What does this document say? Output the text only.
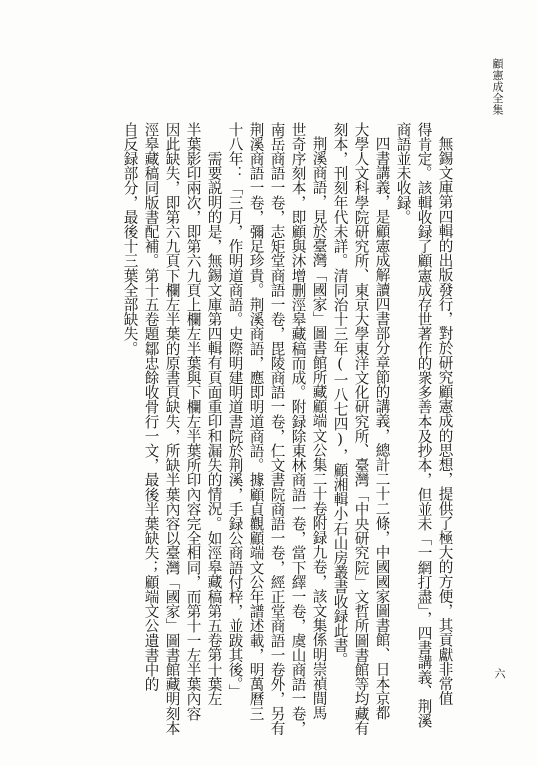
顧憲成全集
六
無錫文庫第四輯的出版發行，對於研究顧憲成的思想，提供了極大的方便，其貢獻非常值
得肯定。該輯收録了顧憲成存世著作的衆多善本及抄本，但並未「一網打盡」，四書講義、荆溪
商語並未收録。
四書講義，是顧憲成解讀四書部分章節的講義，總計二十二條，中國國家圖書館、日本京都
大學人文科學院研究所、東京大學東洋文化研究所、臺灣「中央研究院」文哲所圖書館等均藏有
刻本，刊刻年代未詳。清同治十三年(一八七四)，顧湘輯小石山房叢書收録此書。
荆溪商語，見於臺灣「國家」圖書館所藏顧端文公集二十卷附録九卷，該文集係明崇禎間馬
世奇序刻本，即顧與沐增删涇皋藏稿而成。附録除東林商語一卷，當下繹一卷，虞山商語一卷，
南岳商語一卷，志矩堂商語一卷，毘陵商語一卷，仁文書院商語一卷，經正堂商語一卷外，另有
荆溪商語一卷，彌足珍貴。荆溪商語，應即明道商語。據顧貞觀顧端文公年譜述載，明萬曆三
十八年：「三月，作明道商語。史際明建明道書院於荆溪，手録公商語付梓，並跋其後。」
需要説明的是，無錫文庫第四輯有頁面重印和漏失的情況。如涇皋藏稿第五卷第十葉左
半葉影印兩次，即第六九頁上欄左半葉與下欄左半葉所印內容完全相同，而第十一左半葉內容
因此缺失，即第六九頁下欄左半葉的原書頁缺失，所缺半葉內容以臺灣「國家」圖書館藏明刻本
涇皋藏稿同版書配補。第十五卷題鄒忠餘收骨行一文，最後半葉缺失；顧端文公遺書中的
自反録部分，最後十三葉全部缺失。
